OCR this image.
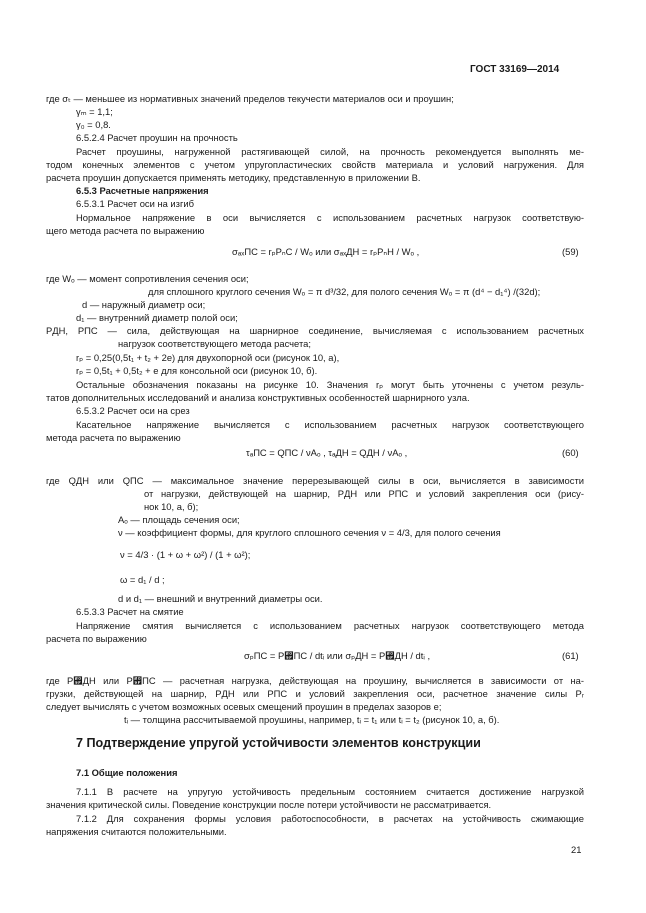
ГОСТ 33169—2014
где σₜ — меньшее из нормативных значений пределов текучести материалов оси и проушин;
γₘ = 1,1;
γ₀ = 0,8.
6.5.2.4 Расчет проушин на прочность
Расчет проушины, нагруженной растягивающей силой, на прочность рекомендуется выполнять ме-
тодом конечных элементов с учетом упругопластических свойств материала и условий нагружения. Для
расчета проушин допускается применять методику, представленную в приложении В.
6.5.3 Расчетные напряжения
6.5.3.1 Расчет оси на изгиб
Нормальное напряжение в оси вычисляется с использованием расчетных нагрузок соответствую-
щего метода расчета по выражению
σₐₓПС = rₚPₙС / Wₒ или σₐₓДН = rₚPₙН / Wₒ ,	(59)
где Wₒ — момент сопротивления сечения оси;
для сплошного круглого сечения Wₒ = π d³/32, для полого сечения Wₒ = π (d⁴ − d₁⁴) /(32d);
d — наружный диаметр оси;
d₁ — внутренний диаметр полой оси;
PДН, PПС — сила, действующая на шарнирное соединение, вычисляемая с использованием расчетных
нагрузок соответствующего метода расчета;
rₚ = 0,25(0,5t₁ + t₂ + 2e) для двухопорной оси (рисунок 10, а),
rₚ = 0,5t₁ + 0,5t₂ + e для консольной оси (рисунок 10, б).
Остальные обозначения показаны на рисунке 10. Значения rₚ могут быть уточнены с учетом резуль-
татов дополнительных исследований и анализа конструктивных особенностей шарнирного узла.
6.5.3.2 Расчет оси на срез
Касательное напряжение вычисляется с использованием расчетных нагрузок соответствующего
метода расчета по выражению
τₐПС = QПС / νAₒ , τₐДН = QДН / νAₒ ,	(60)
где QДН или QПС — максимальное значение перерезывающей силы в оси, вычисляется в зависимости
от нагрузки, действующей на шарнир, PДН или PПС и условий закрепления оси (рису-
нок 10, а, б);
Aₒ — площадь сечения оси;
ν — коэффициент формы, для круглого сплошного сечения ν = 4/3, для полого сечения
ν = 4/3 · (1 + ω + ω²) / (1 + ω²);
ω = d₁ / d ;
d и d₁ — внешний и внутренний диаметры оси.
6.5.3.3 Расчет на смятие
Напряжение смятия вычисляется с использованием расчетных нагрузок соответствующего метода
расчета по выражению
σₚПС = P₟ПС / dtᵢ или σₚДН = P₟ДН / dtᵢ ,	(61)
где P₟ДН или P₟ПС — расчетная нагрузка, действующая на проушину, вычисляется в зависимости от на-
грузки, действующей на шарнир, PДН или PПС и условий закрепления оси, расчетное значение силы Pᵣ
следует вычислять с учетом возможных осевых смещений проушин в пределах зазоров e;
tᵢ — толщина рассчитываемой проушины, например, tᵢ = t₁ или tᵢ = t₂ (рисунок 10, а, б).
7 Подтверждение упругой устойчивости элементов конструкции
7.1 Общие положения
7.1.1 В расчете на упругую устойчивость предельным состоянием считается достижение нагрузкой
значения критической силы. Поведение конструкции после потери устойчивости не рассматривается.
7.1.2 Для сохранения формы условия работоспособности, в расчетах на устойчивость сжимающие
напряжения считаются положительными.
21
